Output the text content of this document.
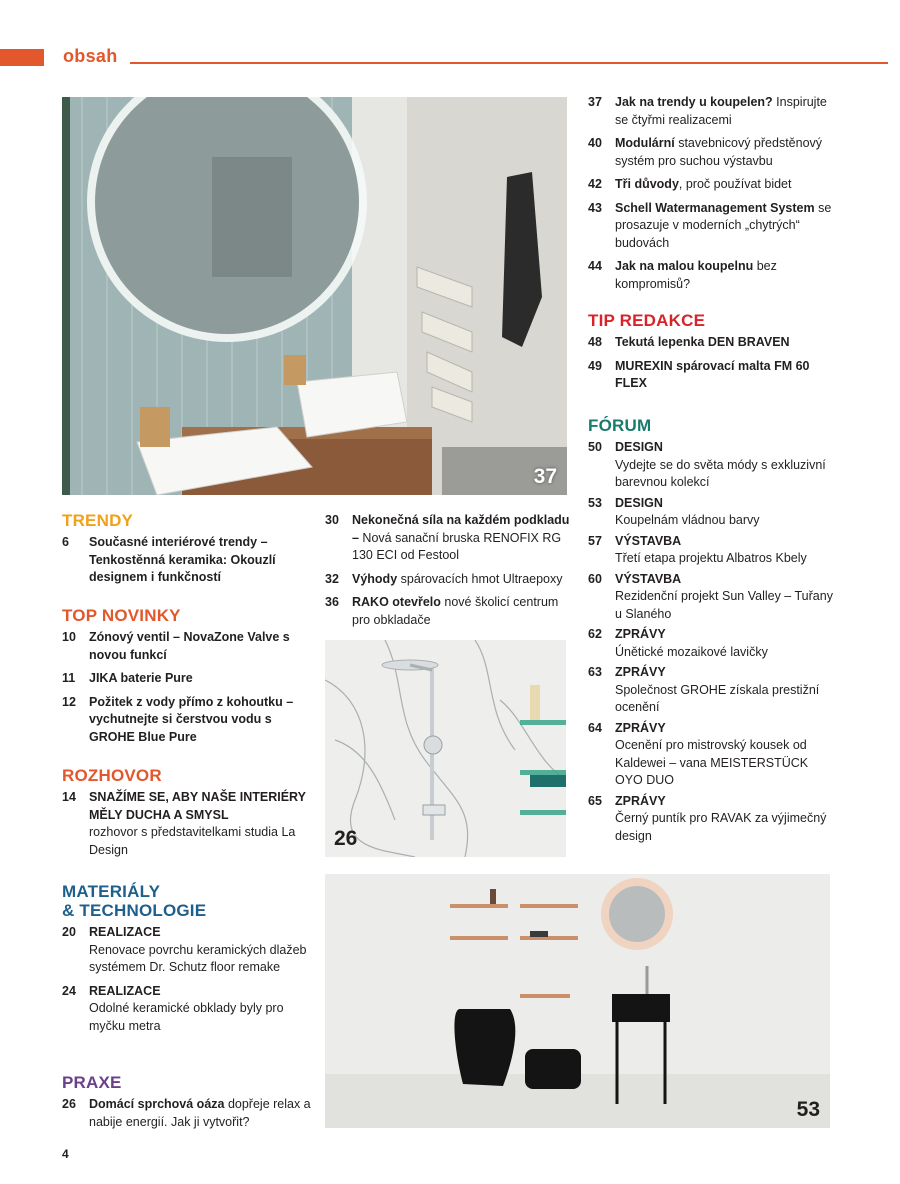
obsah
37
26
53
TRENDY
6	Současné interiérové trendy – Tenkostěnná keramika: Okouzlí designem i funkčností
TOP NOVINKY
10	Zónový ventil – NovaZone Valve s novou funkcí
11	JIKA baterie Pure
12	Požitek z vody přímo z kohoutku – vychutnejte si čerstvou vodu s GROHE Blue Pure
ROZHOVOR
14	SNAŽÍME SE, ABY NAŠE INTERIÉRY MĚLY DUCHA A SMYSL
rozhovor s představitelkami studia La Design
MATERIÁLY
& TECHNOLOGIE
20	REALIZACE
Renovace povrchu keramických dlažeb systémem Dr. Schutz floor remake
24	REALIZACE
Odolné keramické obklady byly pro myčku metra
PRAXE
26	Domácí sprchová oáza dopřeje relax a nabije energií. Jak ji vytvořit?
30	Nekonečná síla na každém podkladu – Nová sanační bruska RENOFIX RG 130 ECI od Festool
32	Výhody spárovacích hmot Ultraepoxy
36	RAKO otevřelo nové školicí centrum pro obkladače
37	Jak na trendy u koupelen? Inspirujte se čtyřmi realizacemi
40	Modulární stavebnicový předstěnový systém pro suchou výstavbu
42	Tři důvody, proč používat bidet
43	Schell Watermanagement System se prosazuje v moderních „chytrých“ budovách
44	Jak na malou koupelnu bez kompromisů?
TIP REDAKCE
48	Tekutá lepenka DEN BRAVEN
49	MUREXIN spárovací malta FM 60 FLEX
FÓRUM
50	DESIGN
Vydejte se do světa módy s exkluzivní barevnou kolekcí
53	DESIGN
Koupelnám vládnou barvy
57	VÝSTAVBA
Třetí etapa projektu Albatros Kbely
60	VÝSTAVBA
Rezidenční projekt Sun Valley – Tuřany u Slaného
62	ZPRÁVY
Únětické mozaikové lavičky
63	ZPRÁVY
Společnost GROHE získala prestižní ocenění
64	ZPRÁVY
Ocenění pro mistrovský kousek od Kaldewei – vana MEISTERSTÜCK OYO DUO
65	ZPRÁVY
Černý puntík pro RAVAK za výjimečný design
4
